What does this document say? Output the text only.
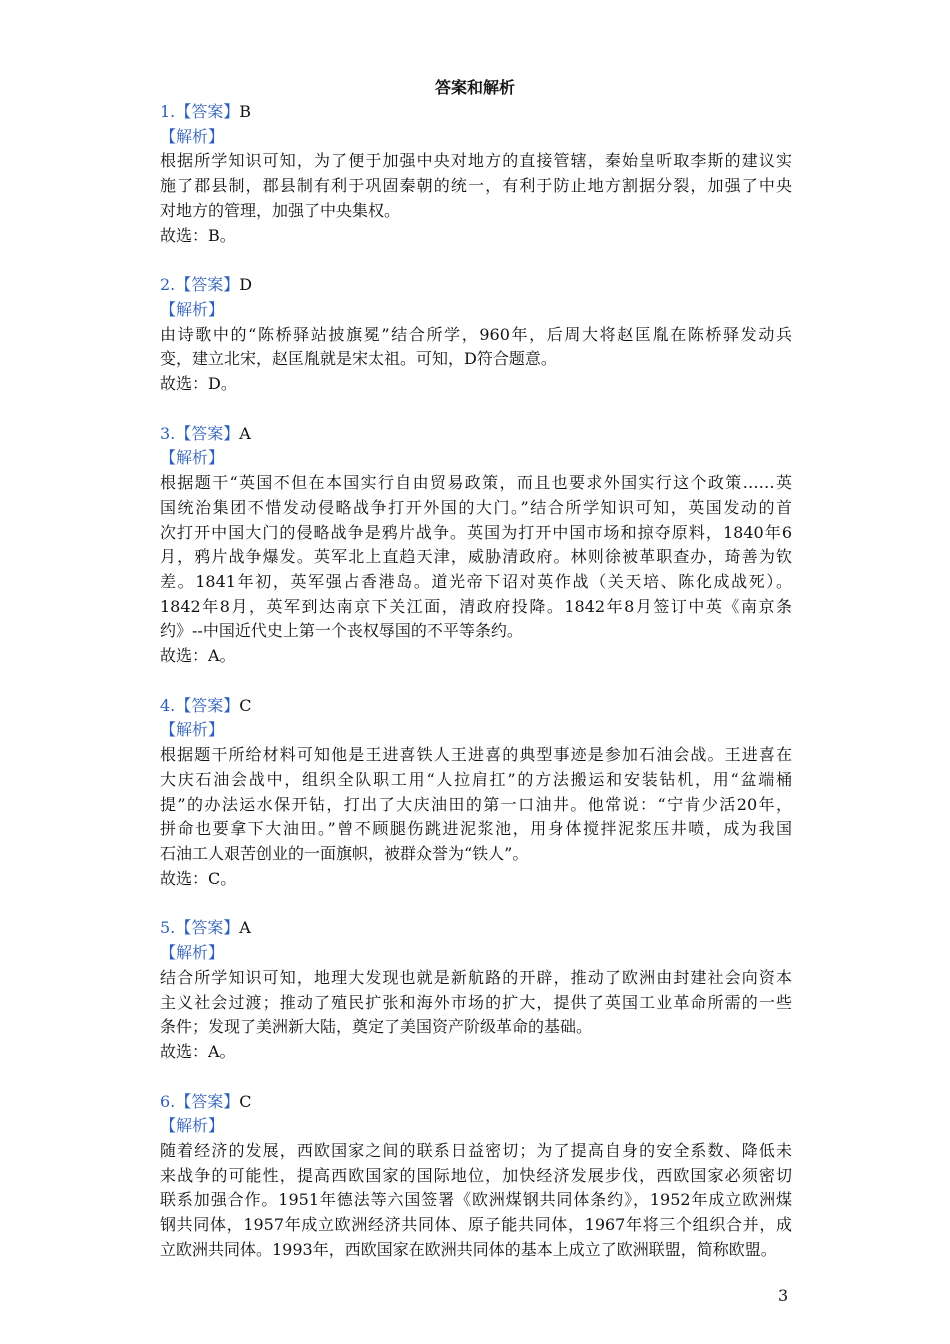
答案和解析
1.【答案】B
【解析】
根据所学知识可知，为了便于加强中央对地方的直接管辖，秦始皇听取李斯的建议实
施了郡县制，郡县制有利于巩固秦朝的统一，有利于防止地方割据分裂，加强了中央
对地方的管理，加强了中央集权。
故选：B。
2.【答案】D
【解析】
由诗歌中的“陈桥驿站披旗冕”结合所学，960年，后周大将赵匡胤在陈桥驿发动兵
变，建立北宋，赵匡胤就是宋太祖。可知，D符合题意。
故选：D。
3.【答案】A
【解析】
根据题干“英国不但在本国实行自由贸易政策，而且也要求外国实行这个政策……英
国统治集团不惜发动侵略战争打开外国的大门。”结合所学知识可知，英国发动的首
次打开中国大门的侵略战争是鸦片战争。英国为打开中国市场和掠夺原料，1840年6
月，鸦片战争爆发。英军北上直趋天津，威胁清政府。林则徐被革职查办，琦善为钦
差。1841年初，英军强占香港岛。道光帝下诏对英作战（关天培、陈化成战死）。
1842年8月，英军到达南京下关江面，清政府投降。1842年8月签订中英《南京条
约》--中国近代史上第一个丧权辱国的不平等条约。
故选：A。
4.【答案】C
【解析】
根据题干所给材料可知他是王进喜铁人王进喜的典型事迹是参加石油会战。王进喜在
大庆石油会战中，组织全队职工用“人拉肩扛”的方法搬运和安装钻机，用“盆端桶
提”的办法运水保开钻，打出了大庆油田的第一口油井。他常说：“宁肯少活20年，
拼命也要拿下大油田。”曾不顾腿伤跳进泥浆池，用身体搅拌泥浆压井喷，成为我国
石油工人艰苦创业的一面旗帜，被群众誉为“铁人”。
故选：C。
5.【答案】A
【解析】
结合所学知识可知，地理大发现也就是新航路的开辟，推动了欧洲由封建社会向资本
主义社会过渡；推动了殖民扩张和海外市场的扩大，提供了英国工业革命所需的一些
条件；发现了美洲新大陆，奠定了美国资产阶级革命的基础。
故选：A。
6.【答案】C
【解析】
随着经济的发展，西欧国家之间的联系日益密切；为了提高自身的安全系数、降低未
来战争的可能性，提高西欧国家的国际地位，加快经济发展步伐，西欧国家必须密切
联系加强合作。1951年德法等六国签署《欧洲煤钢共同体条约》，1952年成立欧洲煤
钢共同体，1957年成立欧洲经济共同体、原子能共同体，1967年将三个组织合并，成
立欧洲共同体。1993年，西欧国家在欧洲共同体的基本上成立了欧洲联盟，简称欧盟。
3
